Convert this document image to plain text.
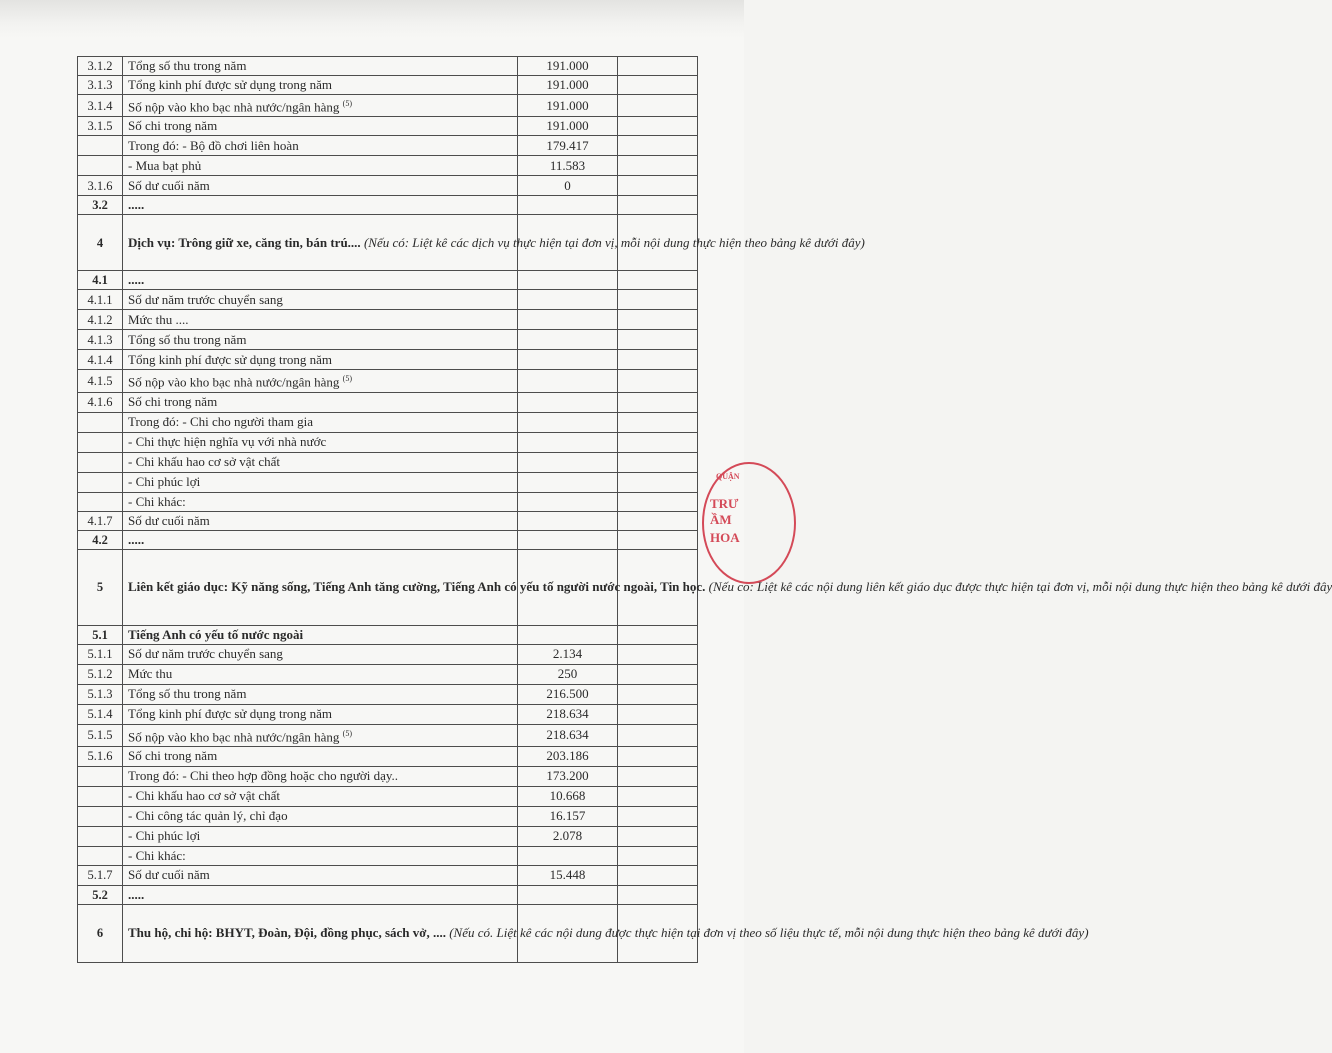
3.1.2	Tổng số thu trong năm	191.000	
3.1.3	Tổng kinh phí được sử dụng trong năm	191.000	
3.1.4	Số nộp vào kho bạc nhà nước/ngân hàng $^{(5)}$	191.000	
3.1.5	Số chi trong năm	191.000	
	Trong đó: - Bộ đồ chơi liên hoàn	179.417	
	- Mua bạt phủ	11.583	
3.1.6	Số dư cuối năm	0	
3.2	.....		
4	Dịch vụ: Trông giữ xe, căng tin, bán trú.... (Nếu có: Liệt kê các dịch vụ thực hiện tại đơn vị, mỗi nội dung thực hiện theo bảng kê dưới đây)		
4.1	.....		
4.1.1	Số dư năm trước chuyển sang		
4.1.2	Mức thu ....		
4.1.3	Tổng số thu trong năm		
4.1.4	Tổng kinh phí được sử dụng trong năm		
4.1.5	Số nộp vào kho bạc nhà nước/ngân hàng $^{(5)}$		
4.1.6	Số chi trong năm		
	Trong đó: - Chi cho người tham gia		
	- Chi thực hiện nghĩa vụ với nhà nước		
	- Chi khấu hao cơ sở vật chất		
	- Chi phúc lợi		
	- Chi khác:		
4.1.7	Số dư cuối năm		
4.2	.....		
5	Liên kết giáo dục: Kỹ năng sống, Tiếng Anh tăng cường, Tiếng Anh có yếu tố người nước ngoài, Tin học. (Nếu có: Liệt kê các nội dung liên kết giáo dục được thực hiện tại đơn vị, mỗi nội dung thực hiện theo bảng kê dưới đây		
5.1	Tiếng Anh có yếu tố nước ngoài		
5.1.1	Số dư năm trước chuyển sang	2.134	
5.1.2	Mức thu	250	
5.1.3	Tổng số thu trong năm	216.500	
5.1.4	Tổng kinh phí được sử dụng trong năm	218.634	
5.1.5	Số nộp vào kho bạc nhà nước/ngân hàng $^{(5)}$	218.634	
5.1.6	Số chi trong năm	203.186	
	Trong đó: - Chi theo hợp đồng hoặc cho người dạy..	173.200	
	- Chi khấu hao cơ sở vật chất	10.668	
	- Chi công tác quản lý, chỉ đạo	16.157	
	- Chi phúc lợi	2.078	
	- Chi khác:		
5.1.7	Số dư cuối năm	15.448	
5.2	.....		
6	Thu hộ, chi hộ: BHYT, Đoàn, Đội, đồng phục, sách vở, .... (Nếu có. Liệt kê các nội dung được thực hiện tại đơn vị theo số liệu thực tế, mỗi nội dung thực hiện theo bảng kê dưới đây)		
QUẬN
TRƯ
ẦM
HOA
